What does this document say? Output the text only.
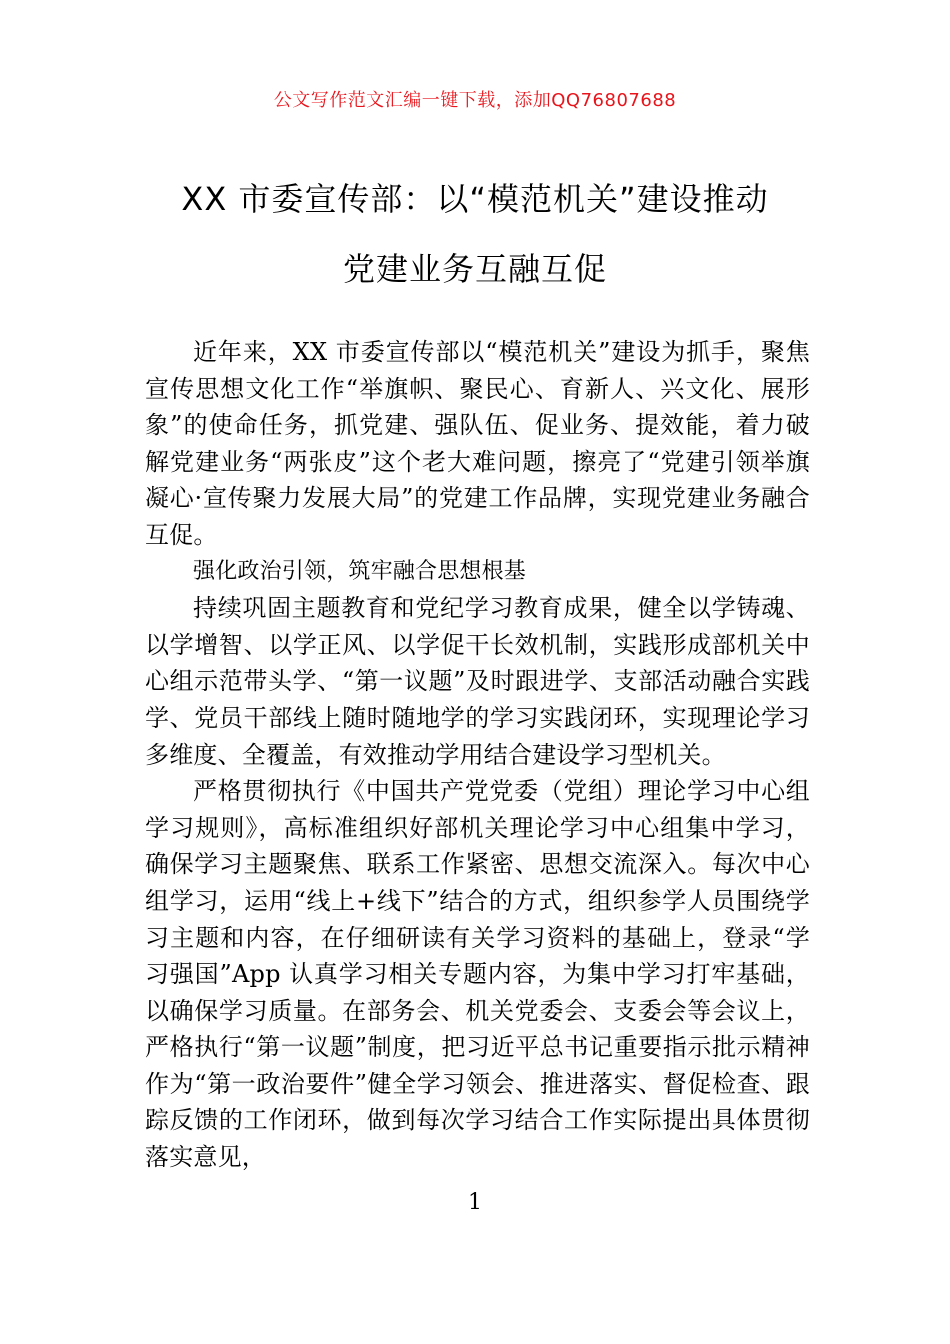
公文写作范文汇编一键下载，添加QQ76807688
XX 市委宣传部：以“模范机关”建设推动
党建业务互融互促

近年来，XX 市委宣传部以“模范机关”建设为抓手，聚焦宣传思想文化工作“举旗帜、聚民心、育新人、兴文化、展形象”的使命任务，抓党建、强队伍、促业务、提效能，着力破解党建业务“两张皮”这个老大难问题，擦亮了“党建引领举旗凝心·宣传聚力发展大局”的党建工作品牌，实现党建业务融合互促。

强化政治引领，筑牢融合思想根基

持续巩固主题教育和党纪学习教育成果，健全以学铸魂、以学增智、以学正风、以学促干长效机制，实践形成部机关中心组示范带头学、“第一议题”及时跟进学、支部活动融合实践学、党员干部线上随时随地学的学习实践闭环，实现理论学习多维度、全覆盖，有效推动学用结合建设学习型机关。

严格贯彻执行《中国共产党党委（党组）理论学习中心组学习规则》，高标准组织好部机关理论学习中心组集中学习，确保学习主题聚焦、联系工作紧密、思想交流深入。每次中心组学习，运用“线上+线下”结合的方式，组织参学人员围绕学习主题和内容，在仔细研读有关学习资料的基础上，登录“学习强国”App 认真学习相关专题内容，为集中学习打牢基础，以确保学习质量。在部务会、机关党委会、支委会等会议上，严格执行“第一议题”制度，把习近平总书记重要指示批示精神作为“第一政治要件”健全学习领会、推进落实、督促检查、跟踪反馈的工作闭环，做到每次学习结合工作实际提出具体贯彻落实意见，

1
